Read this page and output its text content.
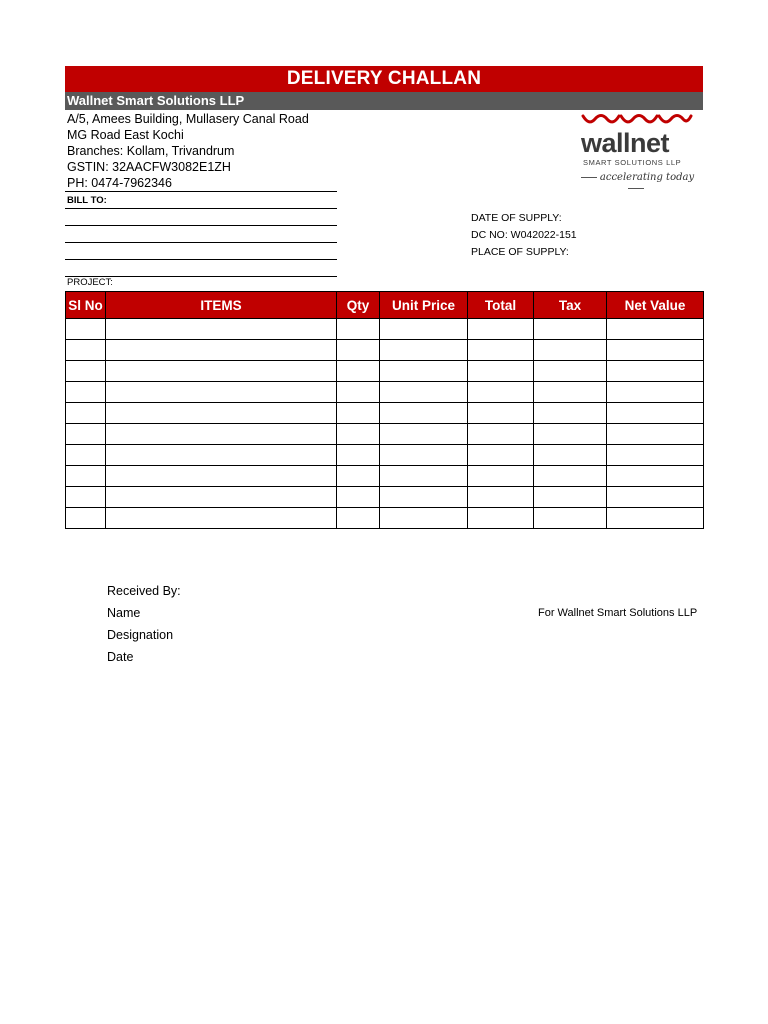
DELIVERY CHALLAN
Wallnet Smart Solutions LLP
A/5, Amees Building, Mullasery Canal Road
MG Road East Kochi
Branches: Kollam, Trivandrum
GSTIN: 32AACFW3082E1ZH
PH: 0474-7962346
BILL TO:
PROJECT:
DATE OF SUPPLY:
DC NO: W042022-151
PLACE OF SUPPLY:
wallnet
SMART SOLUTIONS LLP
accelerating today
Sl No	ITEMS	Qty	Unit Price	Total	Tax	Net Value

Received By:
Name
Designation
Date
For Wallnet Smart Solutions LLP
